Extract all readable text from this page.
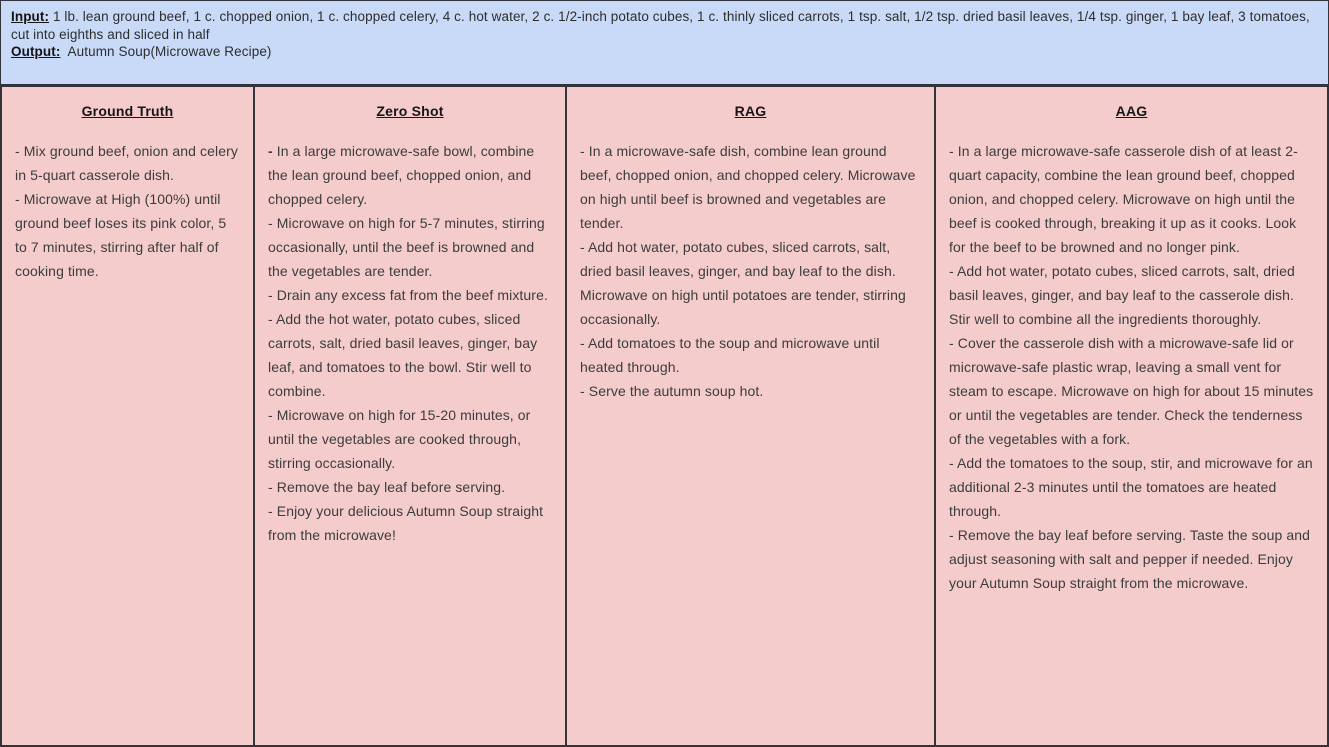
Input: 1 lb. lean ground beef, 1 c. chopped onion, 1 c. chopped celery, 4 c. hot water, 2 c. 1/2-inch potato cubes, 1 c. thinly sliced carrots, 1 tsp. salt, 1/2 tsp. dried basil leaves, 1/4 tsp. ginger, 1 bay leaf, 3 tomatoes, cut into eighths and sliced in half
Output: Autumn Soup(Microwave Recipe)
Ground Truth
- Mix ground beef, onion and celery in 5-quart casserole dish.
- Microwave at High (100%) until ground beef loses its pink color, 5 to 7 minutes, stirring after half of cooking time.
Zero Shot
- In a large microwave-safe bowl, combine the lean ground beef, chopped onion, and chopped celery.
- Microwave on high for 5-7 minutes, stirring occasionally, until the beef is browned and the vegetables are tender.
- Drain any excess fat from the beef mixture.
- Add the hot water, potato cubes, sliced carrots, salt, dried basil leaves, ginger, bay leaf, and tomatoes to the bowl. Stir well to combine.
- Microwave on high for 15-20 minutes, or until the vegetables are cooked through, stirring occasionally.
- Remove the bay leaf before serving.
- Enjoy your delicious Autumn Soup straight from the microwave!
RAG
- In a microwave-safe dish, combine lean ground beef, chopped onion, and chopped celery. Microwave on high until beef is browned and vegetables are tender.
- Add hot water, potato cubes, sliced carrots, salt, dried basil leaves, ginger, and bay leaf to the dish. Microwave on high until potatoes are tender, stirring occasionally.
- Add tomatoes to the soup and microwave until heated through.
- Serve the autumn soup hot.
AAG
- In a large microwave-safe casserole dish of at least 2-quart capacity, combine the lean ground beef, chopped onion, and chopped celery. Microwave on high until the beef is cooked through, breaking it up as it cooks. Look for the beef to be browned and no longer pink.
- Add hot water, potato cubes, sliced carrots, salt, dried basil leaves, ginger, and bay leaf to the casserole dish. Stir well to combine all the ingredients thoroughly.
- Cover the casserole dish with a microwave-safe lid or microwave-safe plastic wrap, leaving a small vent for steam to escape. Microwave on high for about 15 minutes or until the vegetables are tender. Check the tenderness of the vegetables with a fork.
- Add the tomatoes to the soup, stir, and microwave for an additional 2-3 minutes until the tomatoes are heated through.
- Remove the bay leaf before serving. Taste the soup and adjust seasoning with salt and pepper if needed. Enjoy your Autumn Soup straight from the microwave.
